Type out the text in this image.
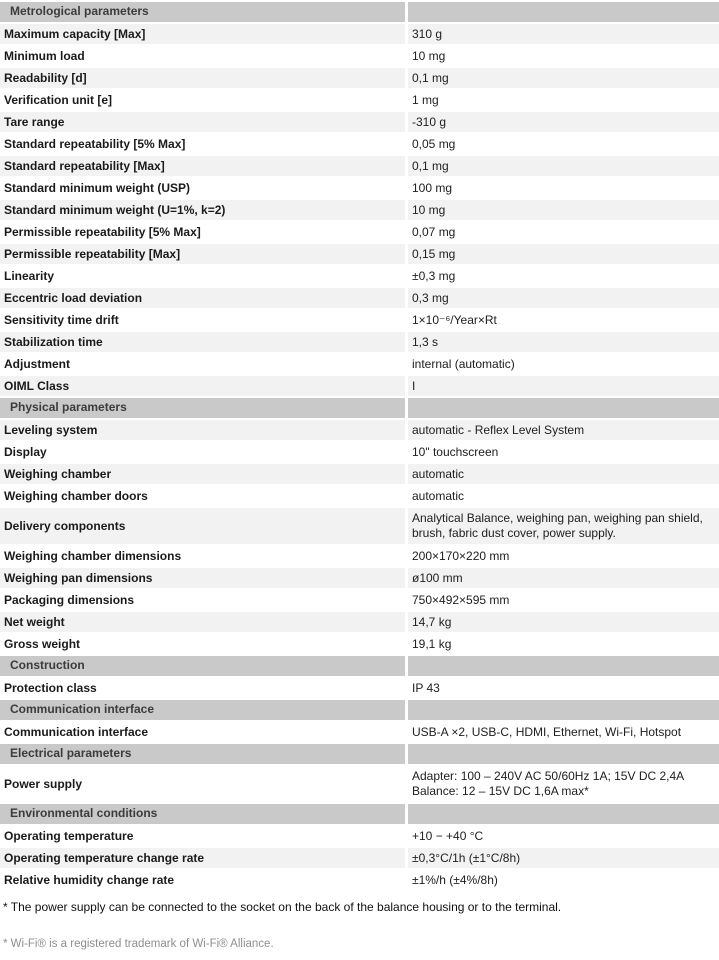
Metrological parameters	
Maximum capacity [Max]	310 g
Minimum load	10 mg
Readability [d]	0,1 mg
Verification unit [e]	1 mg
Tare range	-310 g
Standard repeatability [5% Max]	0,05 mg
Standard repeatability [Max]	0,1 mg
Standard minimum weight (USP)	100 mg
Standard minimum weight (U=1%, k=2)	10 mg
Permissible repeatability [5% Max]	0,07 mg
Permissible repeatability [Max]	0,15 mg
Linearity	±0,3 mg
Eccentric load deviation	0,3 mg
Sensitivity time drift	1×10⁻⁶/Year×Rt
Stabilization time	1,3 s
Adjustment	internal (automatic)
OIML Class	I
Physical parameters	
Leveling system	automatic - Reflex Level System
Display	10" touchscreen
Weighing chamber	automatic
Weighing chamber doors	automatic
Delivery components	Analytical Balance, weighing pan, weighing pan shield,
brush, fabric dust cover, power supply.

Weighing chamber dimensions	200×170×220 mm
Weighing pan dimensions	ø100 mm
Packaging dimensions	750×492×595 mm
Net weight	14,7 kg
Gross weight	19,1 kg
Construction	
Protection class	IP 43
Communication interface	
Communication interface	USB-A ×2, USB-C, HDMI, Ethernet, Wi-Fi, Hotspot
Electrical parameters	
Power supply	Adapter: 100 – 240V AC 50/60Hz 1A; 15V DC 2,4A
Balance: 12 – 15V DC 1,6A max*

Environmental conditions	
Operating temperature	+10 − +40 °C
Operating temperature change rate	±0,3°C/1h (±1°C/8h)
Relative humidity change rate	±1%/h (±4%/8h)
* The power supply can be connected to the socket on the back of the balance housing or to the terminal.
* Wi-Fi® is a registered trademark of Wi-Fi® Alliance.
